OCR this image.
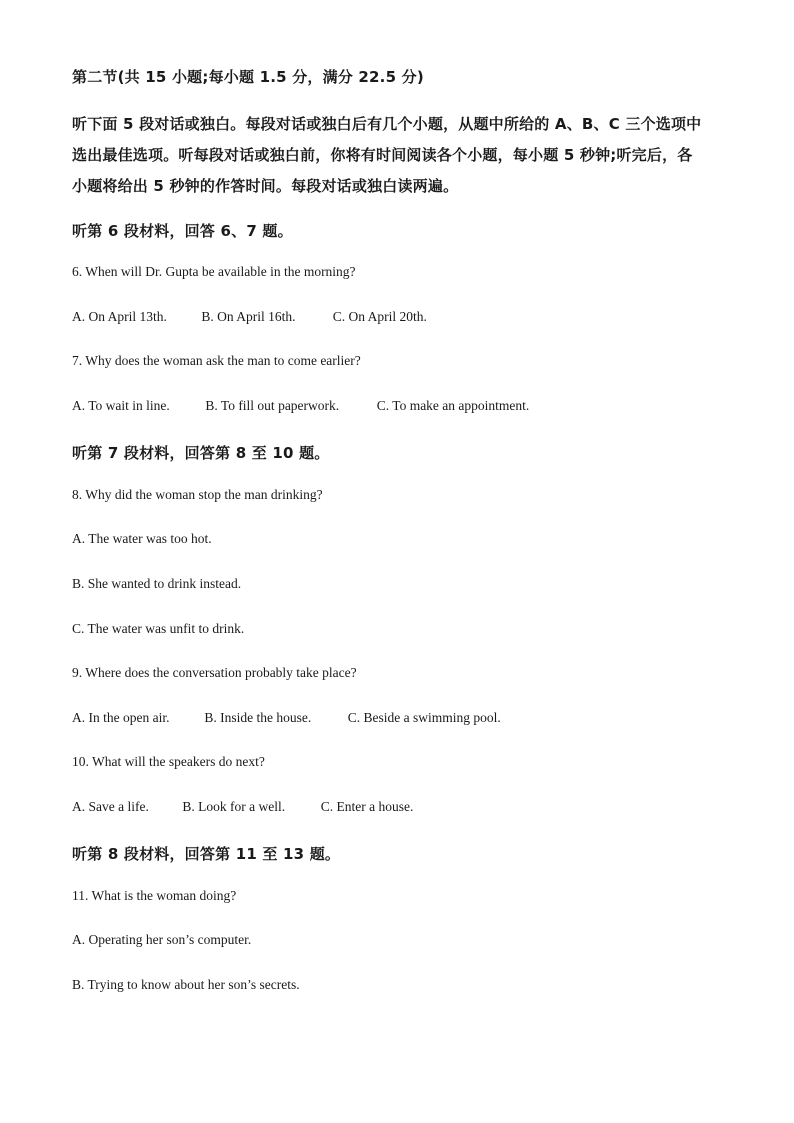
第二节(共 15 小题;每小题 1.5 分，满分 22.5 分)
听下面 5 段对话或独白。每段对话或独白后有几个小题，从题中所给的 A、B、C 三个选项中
选出最佳选项。听每段对话或独白前，你将有时间阅读各个小题，每小题 5 秒钟;听完后，各
小题将给出 5 秒钟的作答时间。每段对话或独白读两遍。
听第 6 段材料，回答 6、7 题。
6. When will Dr. Gupta be available in the morning?
A. On April 13th.	B. On April 16th.	C. On April 20th.
7. Why does the woman ask the man to come earlier?
A. To wait in line.	B. To fill out paperwork.	C. To make an appointment.
听第 7 段材料，回答第 8 至 10 题。
8. Why did the woman stop the man drinking?
A. The water was too hot.
B. She wanted to drink instead.
C. The water was unfit to drink.
9. Where does the conversation probably take place?
A. In the open air.	B. Inside the house.	C. Beside a swimming pool.
10. What will the speakers do next?
A. Save a life. B. Look for a well.	C. Enter a house.
听第 8 段材料，回答第 11 至 13 题。
11. What is the woman doing?
A. Operating her son’s computer.
B. Trying to know about her son’s secrets.
